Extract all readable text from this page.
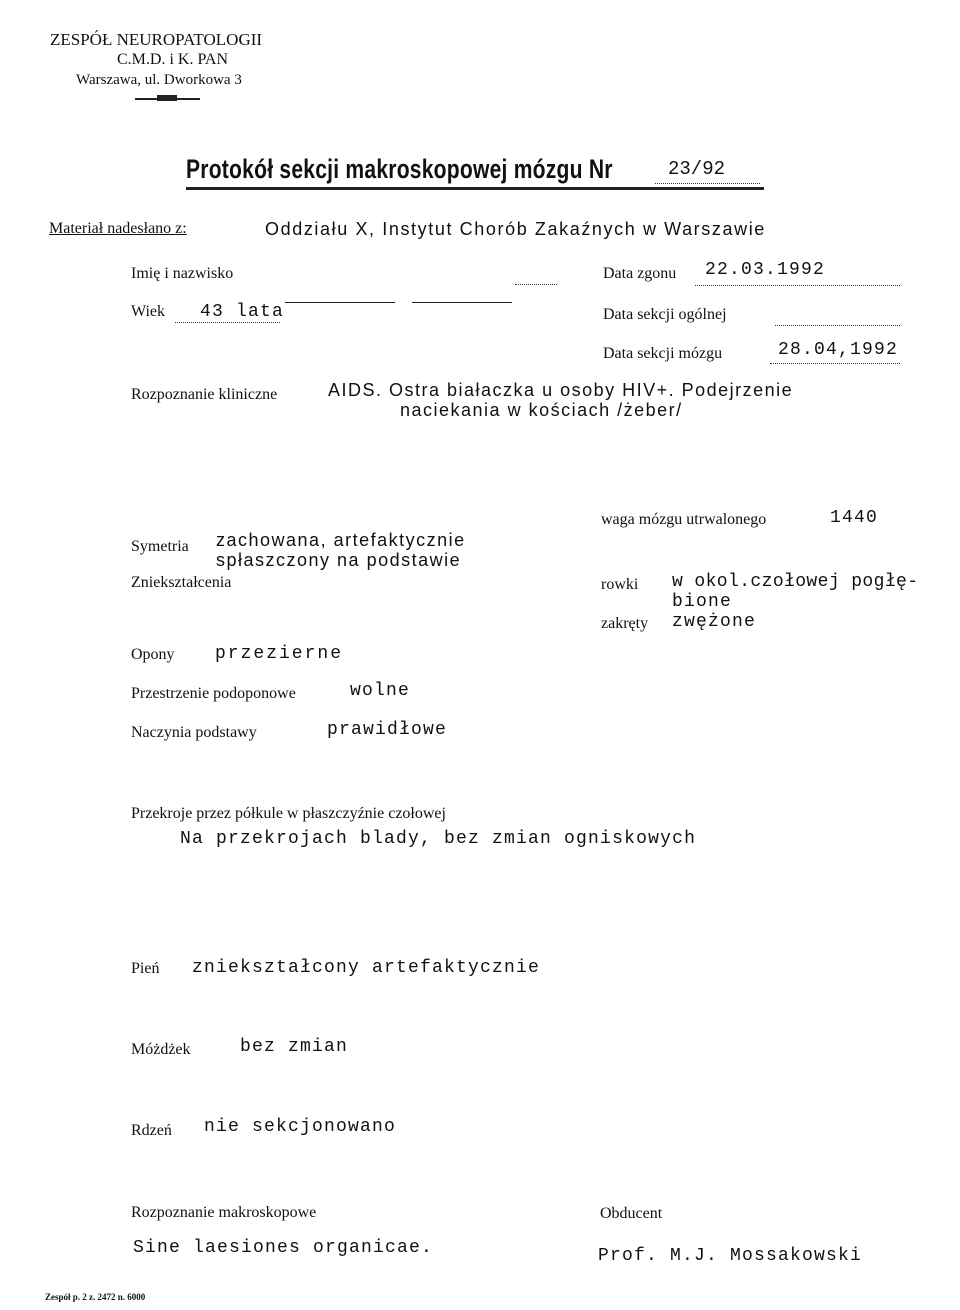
ZESPÓŁ NEUROPATOLOGII
C.M.D. i K. PAN
Warszawa, ul. Dworkowa 3
Protokół sekcji makroskopowej mózgu Nr	23/92
Materiał nadesłano z:	Oddziału X, Instytut Chorób Zakaźnych w Warszawie
Imię i nazwisko
Wiek 43 lata
Data zgonu 22.03.1992
Data sekcji ogólnej
Data sekcji mózgu	28.04,1992
Rozpoznanie kliniczne	AIDS. Ostra białaczka u osoby HIV+. Podejrzenie
naciekania w kościach /żeber/
Symetria zachowana, artefaktycznie
spłaszczony na podstawie
Zniekształcenia
Opony przezierne
Przestrzenie podoponowe	wolne
Naczynia podstawy	prawidłowe
waga mózgu utrwalonego	1440
rowki w okol.czołowej pogłę-
bione
zakręty zwężone
Przekroje przez półkule w płaszczyźnie czołowej
Na przekrojach blady, bez zmian ogniskowych
Pień zniekształcony artefaktycznie
Móżdżek	bez zmian
Rdzeń nie sekcjonowano
Rozpoznanie makroskopowe
Sine laesiones organicae.
Obducent
Prof. M.J. Mossakowski
Zespół p. 2 z. 2472 n. 6000
